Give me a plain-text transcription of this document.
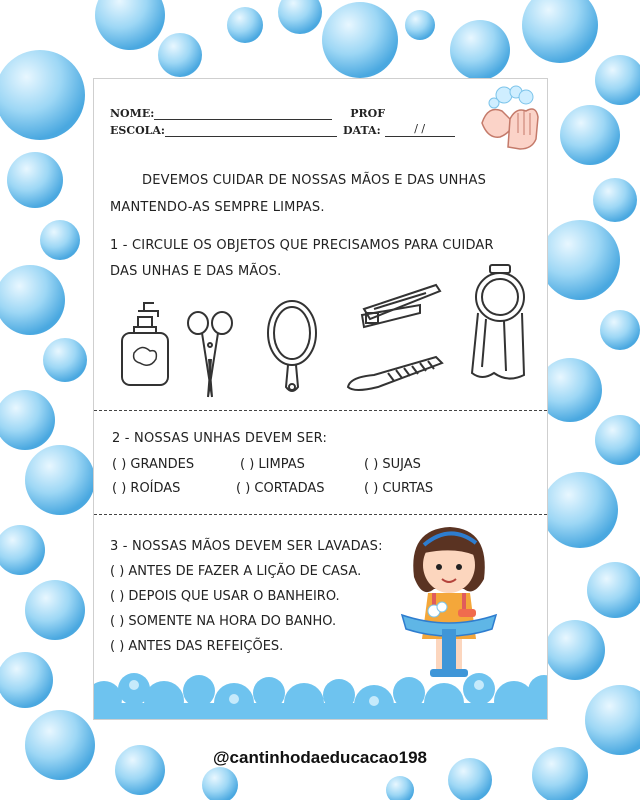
NOME:	PROF
ESCOLA:	DATA:	/ /
DEVEMOS CUIDAR DE NOSSAS MÃOS E DAS UNHAS
MANTENDO-AS SEMPRE LIMPAS.
1 - CIRCULE OS OBJETOS QUE PRECISAMOS PARA CUIDAR
DAS UNHAS E DAS MÃOS.
2 - NOSSAS UNHAS DEVEM SER:
( ) GRANDES	( ) LIMPAS	( ) SUJAS
( ) ROÍDAS	( ) CORTADAS	( ) CURTAS
3 - NOSSAS MÃOS DEVEM SER LAVADAS:
( ) ANTES DE FAZER A LIÇÃO DE CASA.
( ) DEPOIS QUE USAR O BANHEIRO.
( ) SOMENTE NA HORA DO BANHO.
( ) ANTES DAS REFEIÇÕES.
@cantinhodaeducacao198
